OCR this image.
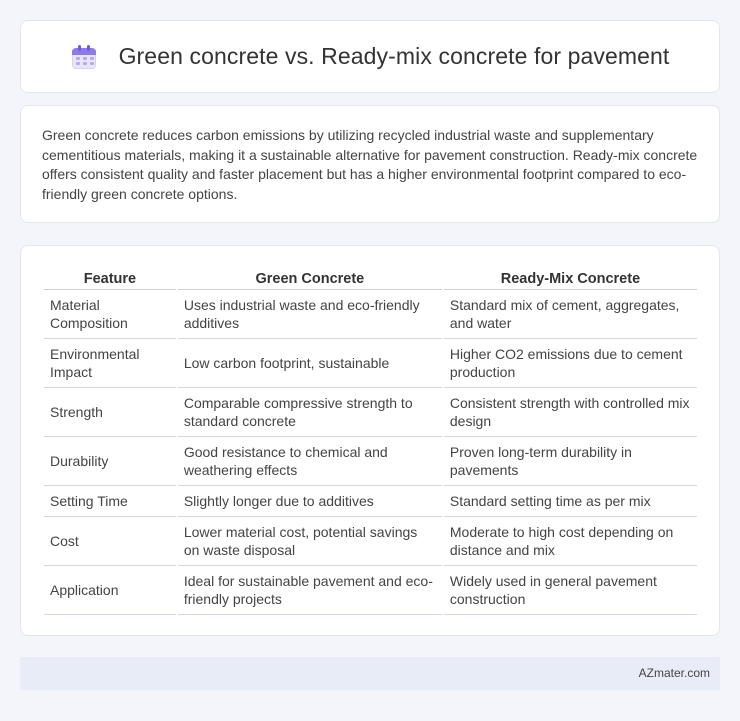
Green concrete vs. Ready-mix concrete for pavement

Green concrete reduces carbon emissions by utilizing recycled industrial waste and supplementary cementitious materials, making it a sustainable alternative for pavement construction. Ready-mix concrete offers consistent quality and faster placement but has a higher environmental footprint compared to eco-friendly green concrete options.

Feature	Green Concrete	Ready-Mix Concrete
Material Composition	Uses industrial waste and eco-friendly additives	Standard mix of cement, aggregates, and water
Environmental Impact	Low carbon footprint, sustainable	Higher CO2 emissions due to cement production
Strength	Comparable compressive strength to standard concrete	Consistent strength with controlled mix design
Durability	Good resistance to chemical and weathering effects	Proven long-term durability in pavements
Setting Time	Slightly longer due to additives	Standard setting time as per mix
Cost	Lower material cost, potential savings on waste disposal	Moderate to high cost depending on distance and mix
Application	Ideal for sustainable pavement and eco-friendly projects	Widely used in general pavement construction
AZmater.com
